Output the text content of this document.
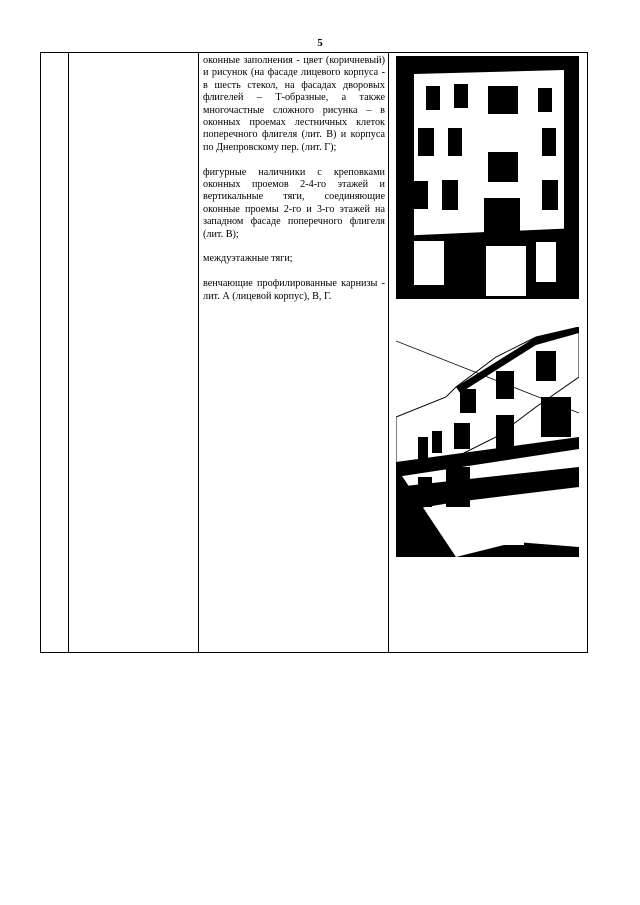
5

оконные заполнения - цвет (коричневый) и рисунок (на фасаде лицевого корпуса - в шесть стекол, на фасадах дворовых флигелей – Т-образные, а также многочастные сложного рисунка – в оконных проемах лестничных клеток поперечного флигеля (лит. В) и корпуса по Днепровскому пер. (лит. Г);

фигурные наличники с креповками оконных проемов 2-4-го этажей и вертикальные тяги, соединяющие оконные проемы 2-го и 3-го этажей на западном фасаде поперечного флигеля (лит. В);

междуэтажные тяги;

венчающие профилированные карнизы - лит. А (лицевой корпус), В, Г.
